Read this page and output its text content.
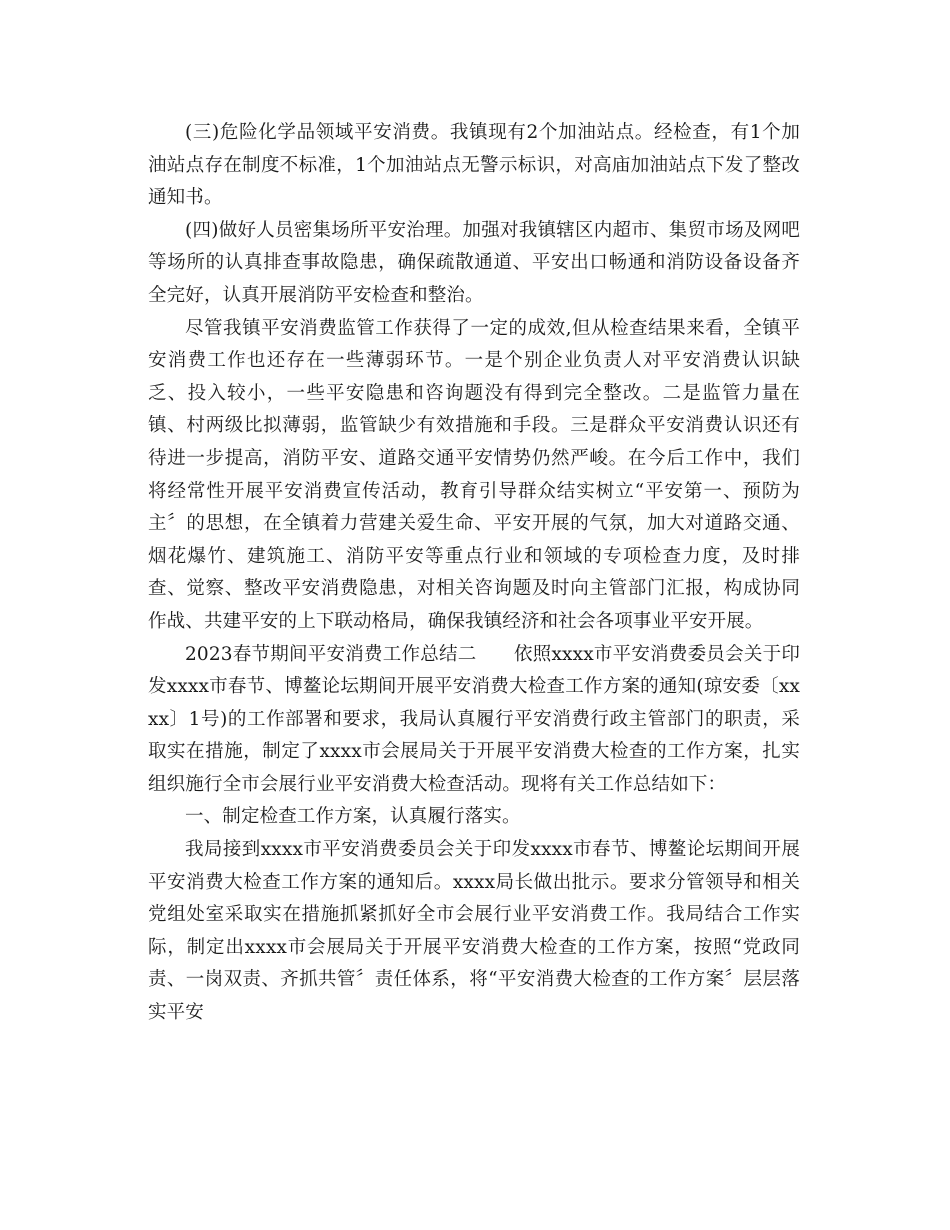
(三)危险化学品领域平安消费。我镇现有2个加油站点。经检查，有1个加油站点存在制度不标准，1个加油站点无警示标识，对高庙加油站点下发了整改通知书。

(四)做好人员密集场所平安治理。加强对我镇辖区内超市、集贸市场及网吧等场所的认真排查事故隐患，确保疏散通道、平安出口畅通和消防设备设备齐全完好，认真开展消防平安检查和整治。

尽管我镇平安消费监管工作获得了一定的成效,但从检查结果来看，全镇平安消费工作也还存在一些薄弱环节。一是个别企业负责人对平安消费认识缺乏、投入较小，一些平安隐患和咨询题没有得到完全整改。二是监管力量在镇、村两级比拟薄弱，监管缺少有效措施和手段。三是群众平安消费认识还有待进一步提高，消防平安、道路交通平安情势仍然严峻。在今后工作中，我们将经常性开展平安消费宣传活动，教育引导群众结实树立“平安第一、预防为主〞的思想，在全镇着力营建关爱生命、平安开展的气氛，加大对道路交通、烟花爆竹、建筑施工、消防平安等重点行业和领域的专项检查力度，及时排查、觉察、整改平安消费隐患，对相关咨询题及时向主管部门汇报，构成协同作战、共建平安的上下联动格局，确保我镇经济和社会各项事业平安开展。

2023春节期间平安消费工作总结二　　依照xxxx市平安消费委员会关于印发xxxx市春节、博鳌论坛期间开展平安消费大检查工作方案的通知(琼安委〔xxxx〕1号)的工作部署和要求，我局认真履行平安消费行政主管部门的职责，采取实在措施，制定了xxxx市会展局关于开展平安消费大检查的工作方案，扎实组织施行全市会展行业平安消费大检查活动。现将有关工作总结如下：

一、制定检查工作方案，认真履行落实。

我局接到xxxx市平安消费委员会关于印发xxxx市春节、博鳌论坛期间开展平安消费大检查工作方案的通知后。xxxx局长做出批示。要求分管领导和相关党组处室采取实在措施抓紧抓好全市会展行业平安消费工作。我局结合工作实际，制定出xxxx市会展局关于开展平安消费大检查的工作方案，按照“党政同责、一岗双责、齐抓共管〞责任体系，将“平安消费大检查的工作方案〞层层落实平安
